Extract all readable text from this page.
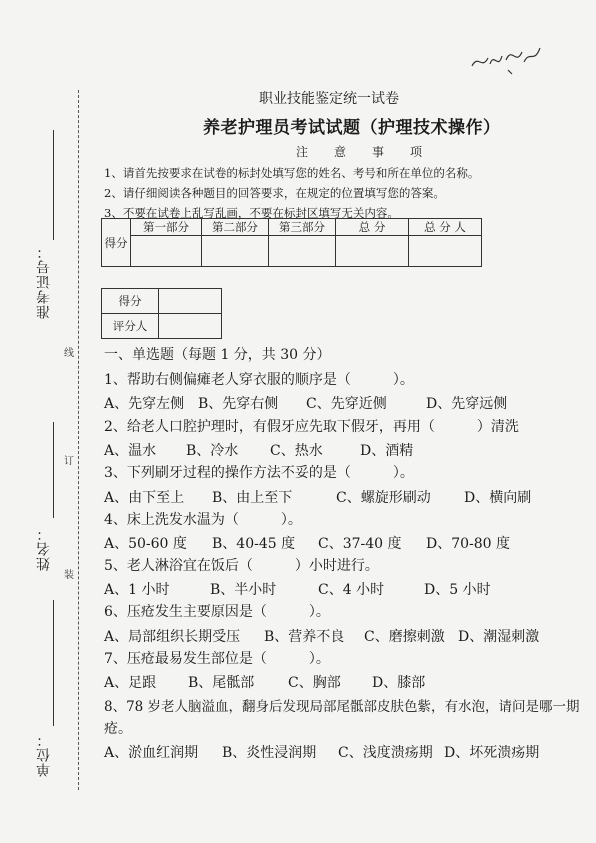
线
订
装
准考证号：
姓名：
单位：
职业技能鉴定统一试卷
养老护理员考试试题（护理技术操作）
注意事项
1、请首先按要求在试卷的标封处填写您的姓名、考号和所在单位的名称。
2、请仔细阅读各种题目的回答要求，在规定的位置填写您的答案。
3、不要在试卷上乱写乱画，不要在标封区填写无关内容。
得分	第一部分	第二部分	第三部分	总 分	总 分 人

得分	
评分人	
一、单选题（每题 1 分，共 30 分）
1、帮助右侧偏瘫老人穿衣服的顺序是（　　　）。
A、先穿左侧 B、先穿右侧 C、先穿近侧	D、先穿远侧
2、给老人口腔护理时，有假牙应先取下假牙，再用（　　　）清洗
A、温水 B、冷水 C、热水	D、酒精
3、下列刷牙过程的操作方法不妥的是（　　　）。
A、由下至上 B、由上至下	C、螺旋形刷动 D、横向刷
4、床上洗发水温为（　　　）。
A、50-60 度 B、40-45 度 C、37-40 度 D、70-80 度
5、老人淋浴宜在饭后（　　　）小时进行。
A、1 小时	B、半小时	C、4 小时	D、5 小时
6、压疮发生主要原因是（　　　）。
A、局部组织长期受压 B、营养不良 C、磨擦刺激 D、潮湿刺激
7、压疮最易发生部位是（　　　）。
A、足跟 B、尾骶部 C、胸部 D、膝部
8、78 岁老人脑溢血，翻身后发现局部尾骶部皮肤色紫，有水泡，请问是哪一期
疮。
A、淤血红润期 B、炎性浸润期 C、浅度溃疡期 D、坏死溃疡期
